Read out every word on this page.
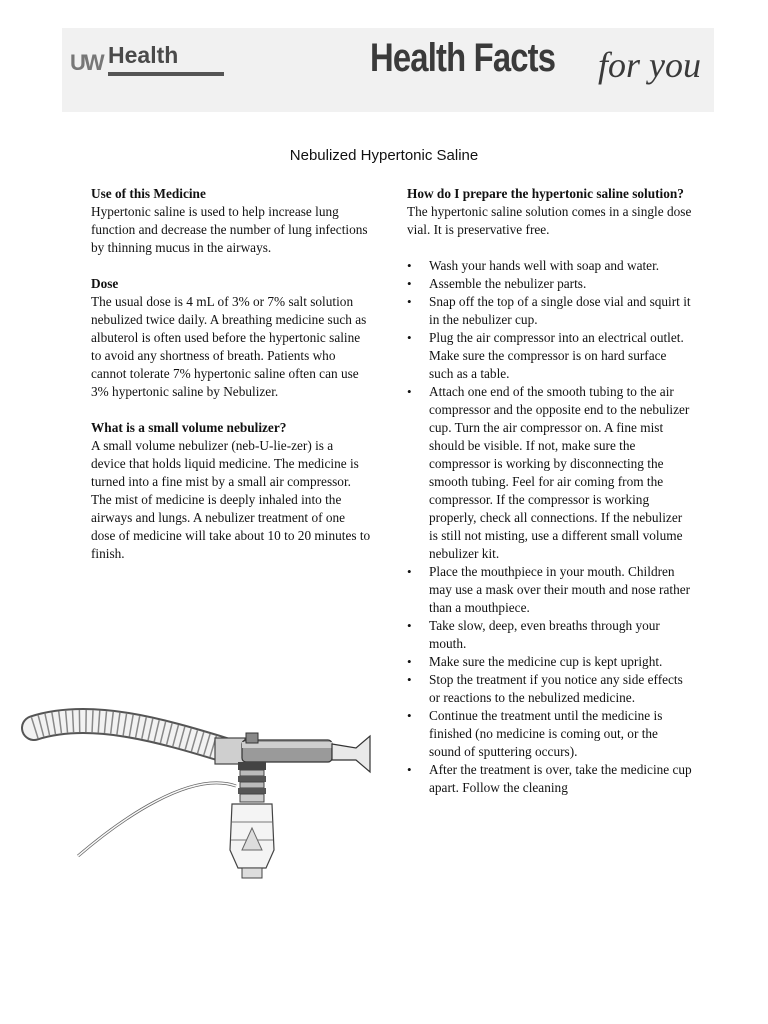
UW Health	Health Facts for you
Nebulized Hypertonic Saline
Use of this Medicine

Hypertonic saline is used to help increase lung function and decrease the number of lung infections by thinning mucus in the airways.

Dose

The usual dose is 4 mL of 3% or 7% salt solution nebulized twice daily. A breathing medicine such as albuterol is often used before the hypertonic saline to avoid any shortness of breath. Patients who cannot tolerate 7% hypertonic saline often can use 3% hypertonic saline by Nebulizer.

What is a small volume nebulizer?

A small volume nebulizer (neb-U-lie-zer) is a device that holds liquid medicine. The medicine is turned into a fine mist by a small air compressor. The mist of medicine is deeply inhaled into the airways and lungs. A nebulizer treatment of one dose of medicine will take about 10 to 20 minutes to finish.

How do I prepare the hypertonic saline solution?

The hypertonic saline solution comes in a single dose vial. It is preservative free.

• Wash your hands well with soap and water.
• Assemble the nebulizer parts.
• Snap off the top of a single dose vial and squirt it in the nebulizer cup.
• Plug the air compressor into an electrical outlet. Make sure the compressor is on hard surface such as a table.
• Attach one end of the smooth tubing to the air compressor and the opposite end to the nebulizer cup. Turn the air compressor on. A fine mist should be visible. If not, make sure the compressor is working by disconnecting the smooth tubing. Feel for air coming from the compressor. If the compressor is working properly, check all connections. If the nebulizer is still not misting, use a different small volume nebulizer kit.
• Place the mouthpiece in your mouth. Children may use a mask over their mouth and nose rather than a mouthpiece.
• Take slow, deep, even breaths through your mouth.
• Make sure the medicine cup is kept upright.
• Stop the treatment if you notice any side effects or reactions to the nebulized medicine.
• Continue the treatment until the medicine is finished (no medicine is coming out, or the sound of sputtering occurs).
• After the treatment is over, take the medicine cup apart. Follow the cleaning
